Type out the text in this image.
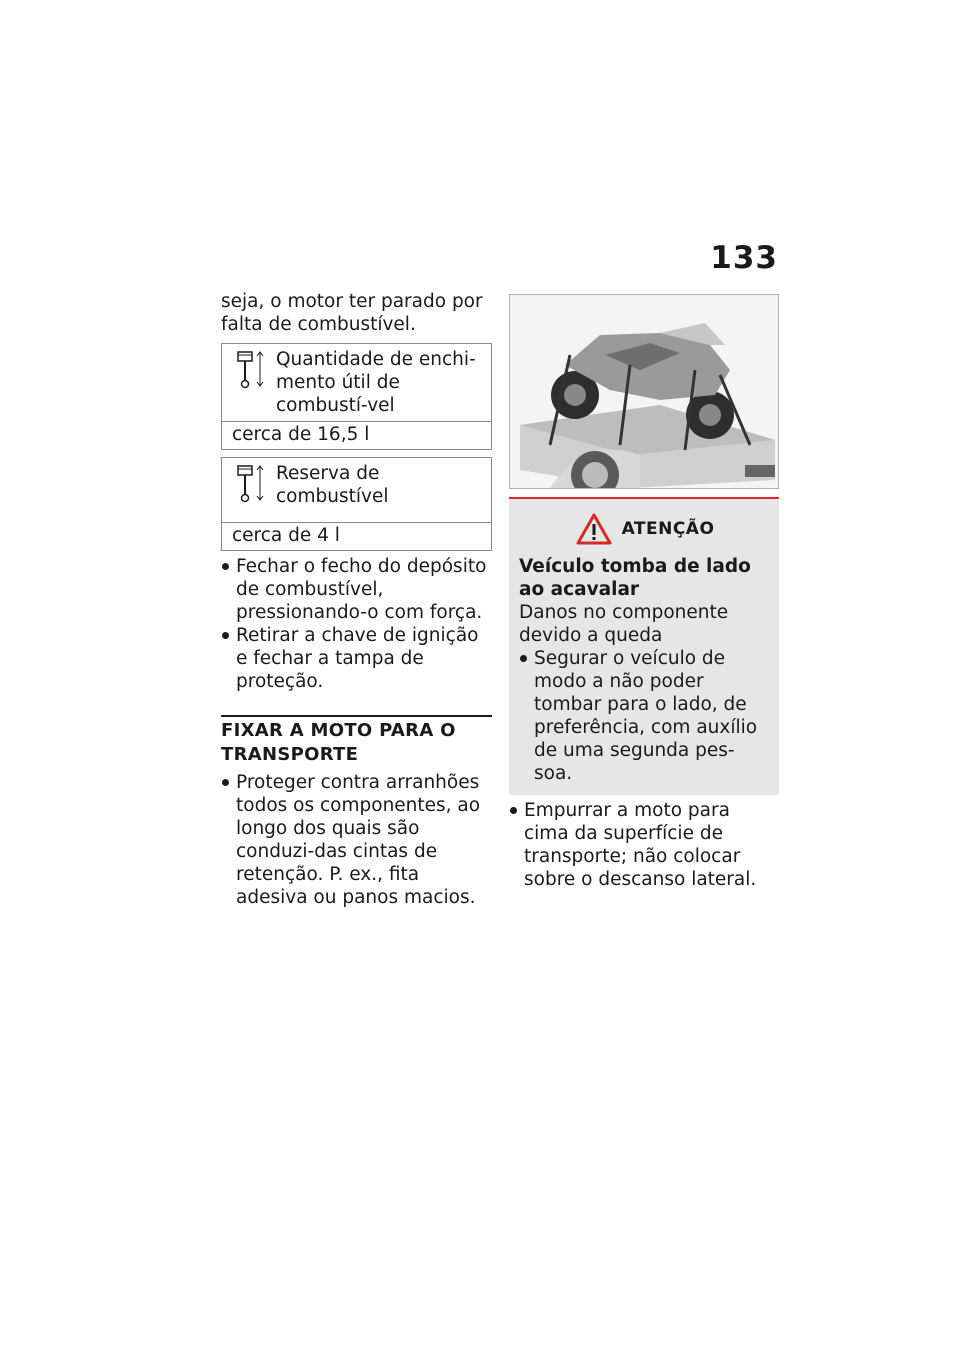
133

seja, o motor ter parado por falta de combustível.

Quantidade de enchi-mento útil de combustí-vel
cerca de 16,5 l
Reserva de combustível
cerca de 4 l
Fechar o fecho do depósito de combustível, pressionando-o com força.
Retirar a chave de ignição e fechar a tampa de proteção.
FIXAR A MOTO PARA O TRANSPORTE
Proteger contra arranhões todos os componentes, ao longo dos quais são conduzi-das cintas de retenção. P. ex., fita adesiva ou panos macios.
ATENÇÃO

Veículo tomba de lado ao acavalar

Danos no componente devido a queda

Segurar o veículo de modo a não poder tombar para o lado, de preferência, com auxílio de uma segunda pes-soa.
Empurrar a moto para cima da superfície de transporte; não colocar sobre o descanso lateral.
